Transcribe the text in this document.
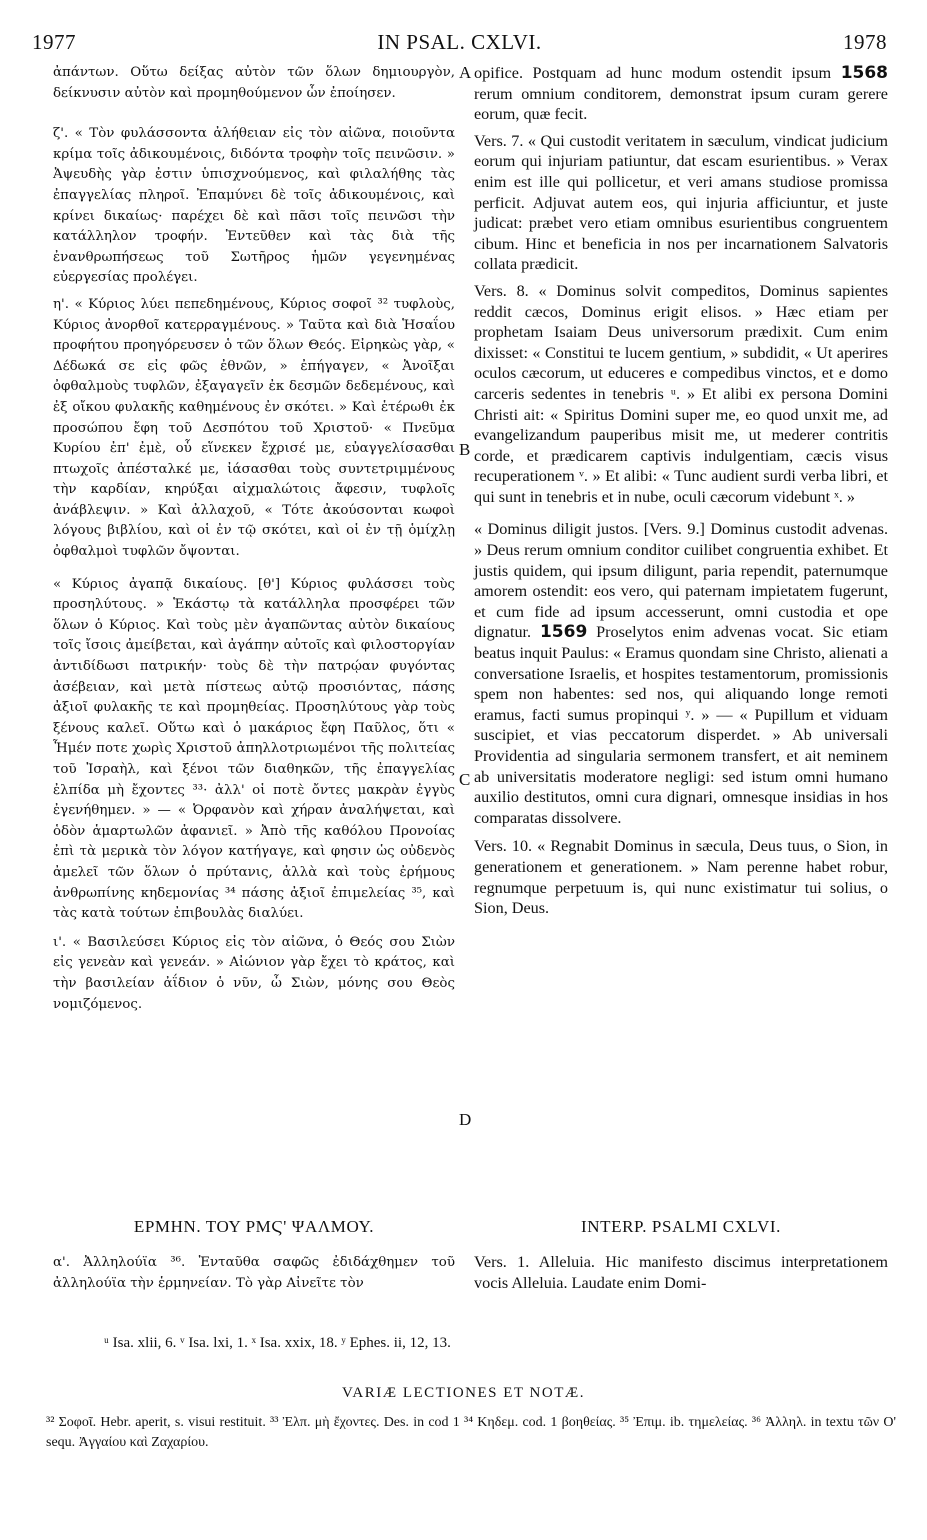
1977	IN PSAL. CXLVI.	1978

ἀπάντων. Οὕτω δείξας αὐτὸν τῶν ὅλων δημιουργὸν, δείκνυσιν αὐτὸν καὶ προμηθούμενον ὧν ἐποίησεν.

ζ'. « Τὸν φυλάσσοντα ἀλήθειαν εἰς τὸν αἰῶνα, ποιοῦντα κρίμα τοῖς ἀδικουμένοις, διδόντα τροφὴν τοῖς πεινῶσιν. » Ἀψευδὴς γὰρ ἐστιν ὑπισχνούμενος, καὶ φιλαλήθης τὰς ἐπαγγελίας πληροῖ. Ἐπαμύνει δὲ τοῖς ἀδικουμένοις, καὶ κρίνει δικαίως· παρέχει δὲ καὶ πᾶσι τοῖς πεινῶσι τὴν κατάλληλον τροφήν. Ἐντεῦθεν καὶ τὰς διὰ τῆς ἐνανθρωπήσεως τοῦ Σωτῆρος ἡμῶν γεγενημένας εὐεργεσίας προλέγει.

η'. « Κύριος λύει πεπεδημένους, Κύριος σοφοῖ ³² τυφλοὺς, Κύριος ἀνορθοῖ κατερραγμένους. » Ταῦτα καὶ διὰ Ἡσαΐου προφήτου προηγόρευσεν ὁ τῶν ὅλων Θεός. Εἰρηκὼς γὰρ, « Δέδωκά σε εἰς φῶς ἐθνῶν, » ἐπήγαγεν, « Ἀνοῖξαι ὀφθαλμοὺς τυφλῶν, ἐξαγαγεῖν ἐκ δεσμῶν δεδεμένους, καὶ ἐξ οἴκου φυλακῆς καθημένους ἐν σκότει. » Καὶ ἑτέρωθι ἐκ προσώπου ἔφη τοῦ Δεσπότου τοῦ Χριστοῦ· « Πνεῦμα Κυρίου ἐπ' ἐμὲ, οὗ εἵνεκεν ἔχρισέ με, εὐαγγελίσασθαι πτωχοῖς ἀπέσταλκέ με, ἰάσασθαι τοὺς συντετριμμένους τὴν καρδίαν, κηρύξαι αἰχμαλώτοις ἄφεσιν, τυφλοῖς ἀνάβλεψιν. » Καὶ ἀλλαχοῦ, « Τότε ἀκούσονται κωφοὶ λόγους βιβλίου, καὶ οἱ ἐν τῷ σκότει, καὶ οἱ ἐν τῇ ὁμίχλῃ ὀφθαλμοὶ τυφλῶν ὄψονται.

« Κύριος ἀγαπᾷ δικαίους. [θ'] Κύριος φυλάσσει τοὺς προσηλύτους. » Ἑκάστῳ τὰ κατάλληλα προσφέρει τῶν ὅλων ὁ Κύριος. Καὶ τοὺς μὲν ἀγαπῶντας αὐτὸν δικαίους τοῖς ἴσοις ἀμείβεται, καὶ ἀγάπην αὐτοῖς καὶ φιλοστοργίαν ἀντιδίδωσι πατρικήν· τοὺς δὲ τὴν πατρῴαν φυγόντας ἀσέβειαν, καὶ μετὰ πίστεως αὐτῷ προσιόντας, πάσης ἀξιοῖ φυλακῆς τε καὶ προμηθείας. Προσηλύτους γὰρ τοὺς ξένους καλεῖ. Οὕτω καὶ ὁ μακάριος ἔφη Παῦλος, ὅτι « Ἦμέν ποτε χωρὶς Χριστοῦ ἀπηλλοτριωμένοι τῆς πολιτείας τοῦ Ἰσραὴλ, καὶ ξένοι τῶν διαθηκῶν, τῆς ἐπαγγελίας ἐλπίδα μὴ ἔχοντες ³³· ἀλλ' οἱ ποτὲ ὄντες μακρὰν ἐγγὺς ἐγενήθημεν. » — « Ὀρφανὸν καὶ χήραν ἀναλήψεται, καὶ ὁδὸν ἁμαρτωλῶν ἀφανιεῖ. » Ἀπὸ τῆς καθόλου Προνοίας ἐπὶ τὰ μερικὰ τὸν λόγον κατήγαγε, καὶ φησιν ὡς οὐδενὸς ἀμελεῖ τῶν ὅλων ὁ πρύτανις, ἀλλὰ καὶ τοὺς ἐρήμους ἀνθρωπίνης κηδεμονίας ³⁴ πάσης ἀξιοῖ ἐπιμελείας ³⁵, καὶ τὰς κατὰ τούτων ἐπιβουλὰς διαλύει.

ι'. « Βασιλεύσει Κύριος εἰς τὸν αἰῶνα, ὁ Θεός σου Σιὼν εἰς γενεὰν καὶ γενεάν. » Αἰώνιον γὰρ ἔχει τὸ κράτος, καὶ τὴν βασιλείαν ἀΐδιον ὁ νῦν, ὦ Σιὼν, μόνης σου Θεὸς νομιζόμενος.

opifice. Postquam ad hunc modum ostendit ipsum 1568 rerum omnium conditorem, demonstrat ipsum curam gerere eorum, quæ fecit.

Vers. 7. « Qui custodit veritatem in sæculum, vindicat judicium eorum qui injuriam patiuntur, dat escam esurientibus. » Verax enim est ille qui pollicetur, et veri amans studiose promissa perficit. Adjuvat autem eos, qui injuria afficiuntur, et juste judicat: præbet vero etiam omnibus esurientibus congruentem cibum. Hinc et beneficia in nos per incarnationem Salvatoris collata prædicit.

Vers. 8. « Dominus solvit compeditos, Dominus sapientes reddit cæcos, Dominus erigit elisos. » Hæc etiam per prophetam Isaiam Deus universorum prædixit. Cum enim dixisset: « Constitui te lucem gentium, » subdidit, « Ut aperires oculos cæcorum, ut educeres e compedibus vinctos, et e domo carceris sedentes in tenebris ᵘ. » Et alibi ex persona Domini Christi ait: « Spiritus Domini super me, eo quod unxit me, ad evangelizandum pauperibus misit me, ut mederer contritis corde, et prædicarem captivis indulgentiam, cæcis visus recuperationem ᵛ. » Et alibi: « Tunc audient surdi verba libri, et qui sunt in tenebris et in nube, oculi cæcorum videbunt ˣ. »

« Dominus diligit justos. [Vers. 9.] Dominus custodit advenas. » Deus rerum omnium conditor cuilibet congruentia exhibet. Et justis quidem, qui ipsum diligunt, paria rependit, paternumque amorem ostendit: eos vero, qui paternam impietatem fugerunt, et cum fide ad ipsum accesserunt, omni custodia et ope dignatur. 1569 Proselytos enim advenas vocat. Sic etiam beatus inquit Paulus: « Eramus quondam sine Christo, alienati a conversatione Israelis, et hospites testamentorum, promissionis spem non habentes: sed nos, qui aliquando longe remoti eramus, facti sumus propinqui ʸ. » — « Pupillum et viduam suscipiet, et vias peccatorum disperdet. » Ab universali Providentia ad singularia sermonem transfert, et ait neminem ab universitatis moderatore negligi: sed istum omni humano auxilio destitutos, omni cura dignari, omnesque insidias in hos comparatas dissolvere.

Vers. 10. « Regnabit Dominus in sæcula, Deus tuus, o Sion, in generationem et generationem. » Nam perenne habet robur, regnumque perpetuum is, qui nunc existimatur tui solius, o Sion, Deus.

A
B
C
D
ΕΡΜΗΝ. ΤΟΥ ΡΜϚ' ΨΑΛΜΟΥ.	INTERP. PSALMI CXLVI.
α'. Ἀλληλούϊα ³⁶. Ἐνταῦθα σαφῶς ἐδιδάχθημεν τοῦ ἀλληλούϊα τὴν ἑρμηνείαν. Τὸ γὰρ Αἰνεῖτε τὸν
Vers. 1. Alleluia. Hic manifesto discimus interpretationem vocis Alleluia. Laudate enim Domi-
ᵘ Isa. xlii, 6. ᵛ Isa. lxi, 1. ˣ Isa. xxix, 18. ʸ Ephes. ii, 12, 13.
VARIÆ LECTIONES ET NOTÆ.
³² Σοφοῖ. Hebr. aperit, s. visui restituit. ³³ Ἐλπ. μὴ ἔχοντες. Des. in cod 1 ³⁴ Κηδεμ. cod. 1 βοηθείας. ³⁵ Ἐπιμ. ib. τημελείας. ³⁶ Ἀλληλ. in textu τῶν Ο' sequ. Ἀγγαίου καὶ Ζαχαρίου.
